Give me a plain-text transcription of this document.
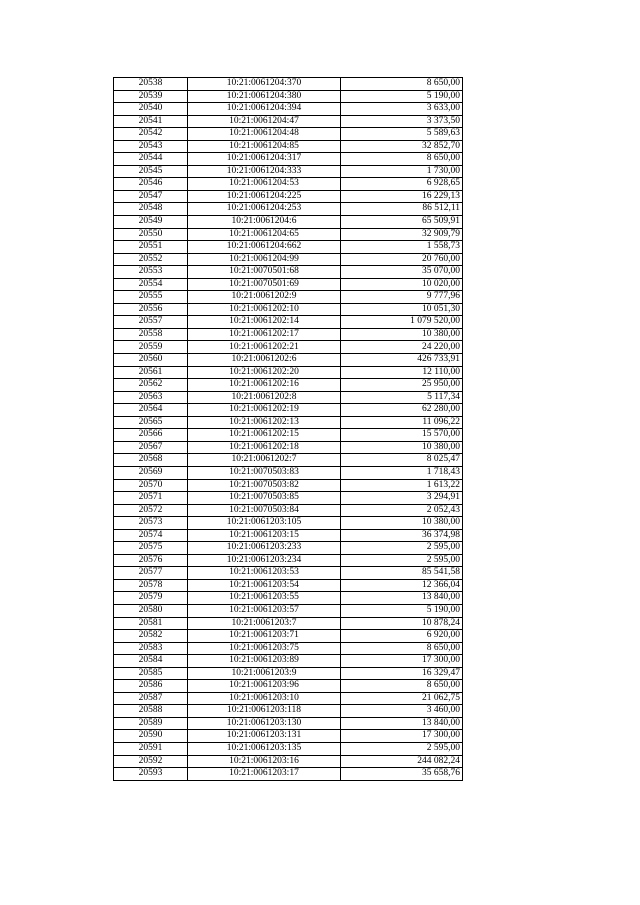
20538	10:21:0061204:370	8 650,00
20539	10:21:0061204:380	5 190,00
20540	10:21:0061204:394	3 633,00
20541	10:21:0061204:47	3 373,50
20542	10:21:0061204:48	5 589,63
20543	10:21:0061204:85	32 852,70
20544	10:21:0061204:317	8 650,00
20545	10:21:0061204:333	1 730,00
20546	10:21:0061204:53	6 928,65
20547	10:21:0061204:225	16 229,13
20548	10:21:0061204:253	86 512,11
20549	10:21:0061204:6	65 509,91
20550	10:21:0061204:65	32 909,79
20551	10:21:0061204:662	1 558,73
20552	10:21:0061204:99	20 760,00
20553	10:21:0070501:68	35 070,00
20554	10:21:0070501:69	10 020,00
20555	10:21:0061202:9	9 777,96
20556	10:21:0061202:10	10 051,30
20557	10:21:0061202:14	1 079 520,00
20558	10:21:0061202:17	10 380,00
20559	10:21:0061202:21	24 220,00
20560	10:21:0061202:6	426 733,91
20561	10:21:0061202:20	12 110,00
20562	10:21:0061202:16	25 950,00
20563	10:21:0061202:8	5 117,34
20564	10:21:0061202:19	62 280,00
20565	10:21:0061202:13	11 096,22
20566	10:21:0061202:15	15 570,00
20567	10:21:0061202:18	10 380,00
20568	10:21:0061202:7	8 025,47
20569	10:21:0070503:83	1 718,43
20570	10:21:0070503:82	1 613,22
20571	10:21:0070503:85	3 294,91
20572	10:21:0070503:84	2 052,43
20573	10:21:0061203:105	10 380,00
20574	10:21:0061203:15	36 374,98
20575	10:21:0061203:233	2 595,00
20576	10:21:0061203:234	2 595,00
20577	10:21:0061203:53	85 541,58
20578	10:21:0061203:54	12 366,04
20579	10:21:0061203:55	13 840,00
20580	10:21:0061203:57	5 190,00
20581	10:21:0061203:7	10 878,24
20582	10:21:0061203:71	6 920,00
20583	10:21:0061203:75	8 650,00
20584	10:21:0061203:89	17 300,00
20585	10:21:0061203:9	16 329,47
20586	10:21:0061203:96	8 650,00
20587	10:21:0061203:10	21 062,75
20588	10:21:0061203:118	3 460,00
20589	10:21:0061203:130	13 840,00
20590	10:21:0061203:131	17 300,00
20591	10:21:0061203:135	2 595,00
20592	10:21:0061203:16	244 082,24
20593	10:21:0061203:17	35 658,76
